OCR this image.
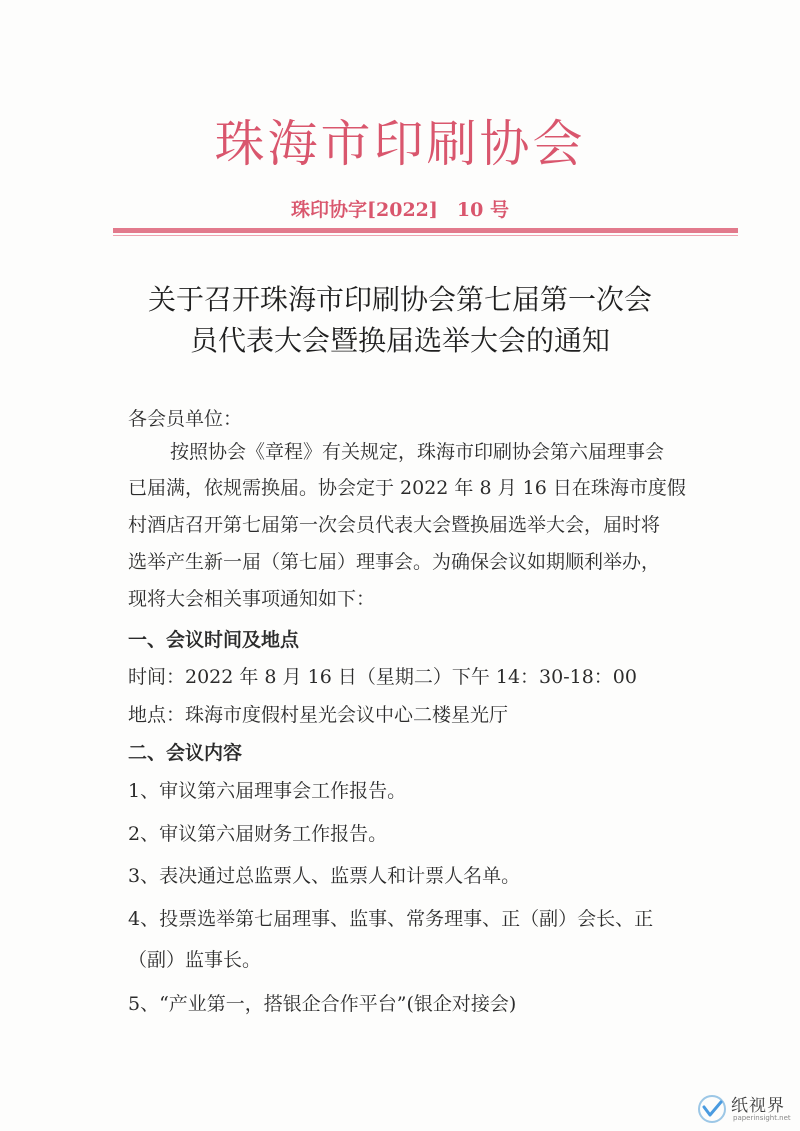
珠海市印刷协会
珠印协字[2022]　10 号
关于召开珠海市印刷协会第七届第一次会
员代表大会暨换届选举大会的通知
各会员单位：
按照协会《章程》有关规定，珠海市印刷协会第六届理事会
已届满，依规需换届。协会定于 2022 年 8 月 16 日在珠海市度假
村酒店召开第七届第一次会员代表大会暨换届选举大会，届时将
选举产生新一届（第七届）理事会。为确保会议如期顺利举办，
现将大会相关事项通知如下：
一、会议时间及地点
时间：2022 年 8 月 16 日（星期二）下午 14：30-18：00
地点：珠海市度假村星光会议中心二楼星光厅
二、会议内容
1、审议第六届理事会工作报告。
2、审议第六届财务工作报告。
3、表决通过总监票人、监票人和计票人名单。
4、投票选举第七届理事、监事、常务理事、正（副）会长、正
（副）监事长。
5、“产业第一，搭银企合作平台”(银企对接会)
纸视界
paperinsight.net
